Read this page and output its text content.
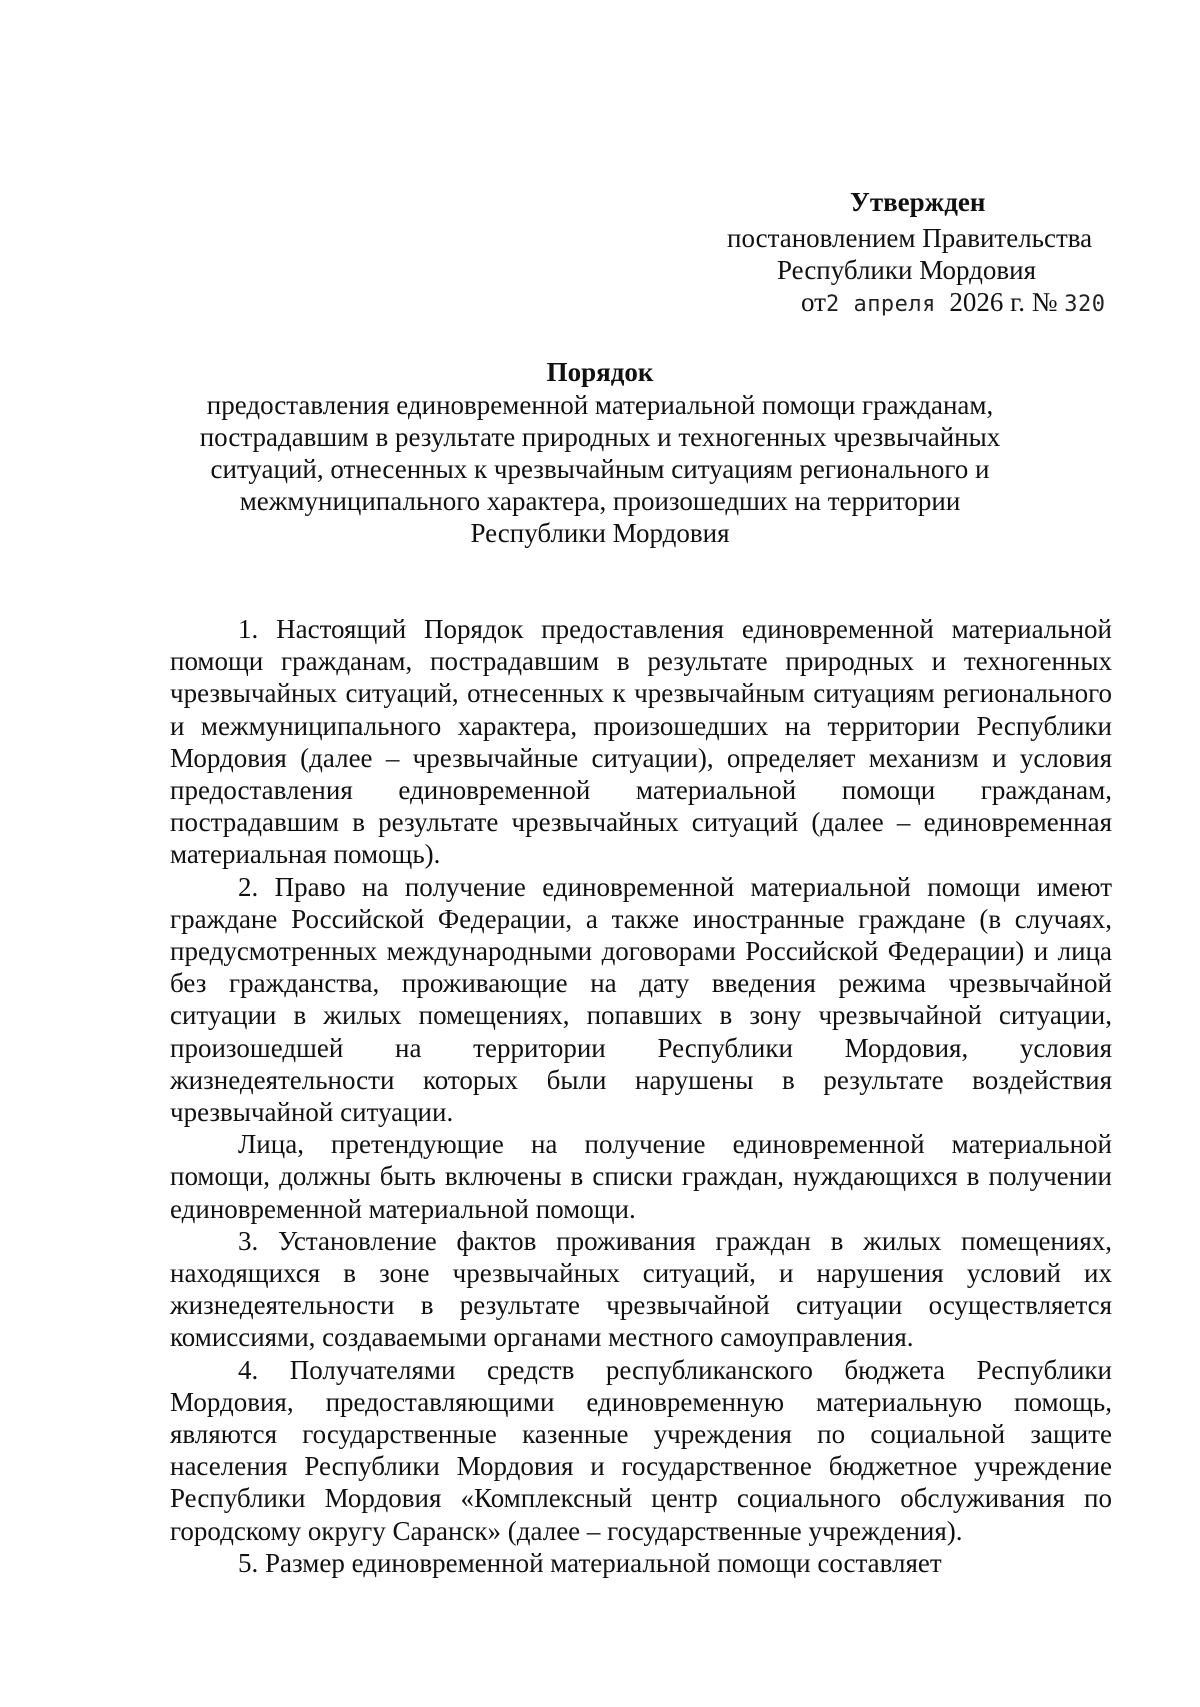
Утвержден
постановлением Правительства
Республики Мордовия
от2 апреля 2026 г. № 320
Порядок
предоставления единовременной материальной помощи гражданам,
пострадавшим в результате природных и техногенных чрезвычайных
ситуаций, отнесенных к чрезвычайным ситуациям регионального и
межмуниципального характера, произошедших на территории
Республики Мордовия

1. Настоящий Порядок предоставления единовременной материальной помощи гражданам, пострадавшим в результате природных и техногенных чрезвычайных ситуаций, отнесенных к чрезвычайным ситуациям регионального и межмуниципального характера, произошедших на территории Республики Мордовия (далее – чрезвычайные ситуации), определяет механизм и условия предоставления единовременной материальной помощи гражданам, пострадавшим в результате чрезвычайных ситуаций (далее – единовременная материальная помощь).

2. Право на получение единовременной материальной помощи имеют граждане Российской Федерации, а также иностранные граждане (в случаях, предусмотренных международными договорами Российской Федерации) и лица без гражданства, проживающие на дату введения режима чрезвычайной ситуации в жилых помещениях, попавших в зону чрезвычайной ситуации, произошедшей на территории Республики Мордовия, условия жизнедеятельности которых были нарушены в результате воздействия чрезвычайной ситуации.

Лица, претендующие на получение единовременной материальной помощи, должны быть включены в списки граждан, нуждающихся в получении единовременной материальной помощи.

3. Установление фактов проживания граждан в жилых помещениях, находящихся в зоне чрезвычайных ситуаций, и нарушения условий их жизнедеятельности в результате чрезвычайной ситуации осуществляется комиссиями, создаваемыми органами местного самоуправления.

4. Получателями средств республиканского бюджета Республики Мордовия, предоставляющими единовременную материальную помощь, являются государственные казенные учреждения по социальной защите населения Республики Мордовия и государственное бюджетное учреждение Республики Мордовия «Комплексный центр социального обслуживания по городскому округу Саранск» (далее – государственные учреждения).

5. Размер единовременной материальной помощи составляет
